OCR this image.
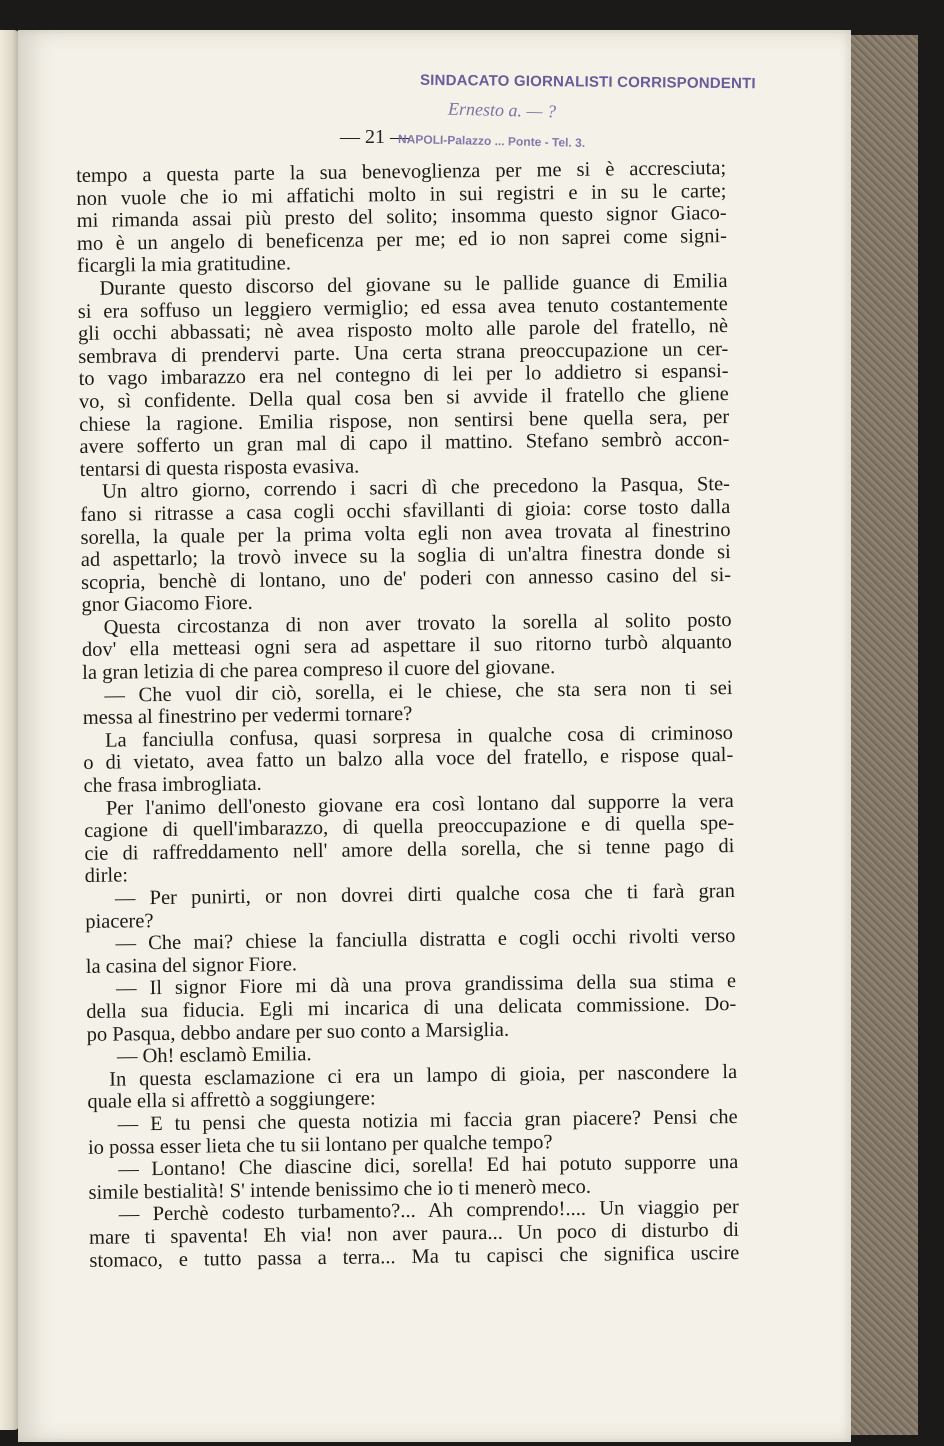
SINDACATO GIORNALISTI CORRISPONDENTI
Ernesto a. — ?
— 21 —
NAPOLI-Palazzo ... Ponte - Tel. 3.
tempo a questa parte la sua benevoglienza per me si è accresciuta;
non vuole che io mi affatichi molto in sui registri e in su le carte;
mi rimanda assai più presto del solito; insomma questo signor Giaco-
mo è un angelo di beneficenza per me; ed io non saprei come signi-
ficargli la mia gratitudine.
Durante questo discorso del giovane su le pallide guance di Emilia
si era soffuso un leggiero vermiglio; ed essa avea tenuto costantemente
gli occhi abbassati; nè avea risposto molto alle parole del fratello, nè
sembrava di prendervi parte. Una certa strana preoccupazione un cer-
to vago imbarazzo era nel contegno di lei per lo addietro si espansi-
vo, sì confidente. Della qual cosa ben si avvide il fratello che gliene
chiese la ragione. Emilia rispose, non sentirsi bene quella sera, per
avere sofferto un gran mal di capo il mattino. Stefano sembrò accon-
tentarsi di questa risposta evasiva.
Un altro giorno, correndo i sacri dì che precedono la Pasqua, Ste-
fano si ritrasse a casa cogli occhi sfavillanti di gioia: corse tosto dalla
sorella, la quale per la prima volta egli non avea trovata al finestrino
ad aspettarlo; la trovò invece su la soglia di un'altra finestra donde si
scopria, benchè di lontano, uno de' poderi con annesso casino del si-
gnor Giacomo Fiore.
Questa circostanza di non aver trovato la sorella al solito posto
dov' ella metteasi ogni sera ad aspettare il suo ritorno turbò alquanto
la gran letizia di che parea compreso il cuore del giovane.
— Che vuol dir ciò, sorella, ei le chiese, che sta sera non ti sei
messa al finestrino per vedermi tornare?
La fanciulla confusa, quasi sorpresa in qualche cosa di criminoso
o di vietato, avea fatto un balzo alla voce del fratello, e rispose qual-
che frasa imbrogliata.
Per l'animo dell'onesto giovane era così lontano dal supporre la vera
cagione di quell'imbarazzo, di quella preoccupazione e di quella spe-
cie di raffreddamento nell' amore della sorella, che si tenne pago di
dirle:
— Per punirti, or non dovrei dirti qualche cosa che ti farà gran
piacere?
— Che mai? chiese la fanciulla distratta e cogli occhi rivolti verso
la casina del signor Fiore.
— Il signor Fiore mi dà una prova grandissima della sua stima e
della sua fiducia. Egli mi incarica di una delicata commissione. Do-
po Pasqua, debbo andare per suo conto a Marsiglia.
— Oh! esclamò Emilia.
In questa esclamazione ci era un lampo di gioia, per nascondere la
quale ella si affrettò a soggiungere:
— E tu pensi che questa notizia mi faccia gran piacere? Pensi che
io possa esser lieta che tu sii lontano per qualche tempo?
— Lontano! Che diascine dici, sorella! Ed hai potuto supporre una
simile bestialità! S' intende benissimo che io ti menerò meco.
— Perchè codesto turbamento?... Ah comprendo!.... Un viaggio per
mare ti spaventa! Eh via! non aver paura... Un poco di disturbo di
stomaco, e tutto passa a terra... Ma tu capisci che significa uscire
